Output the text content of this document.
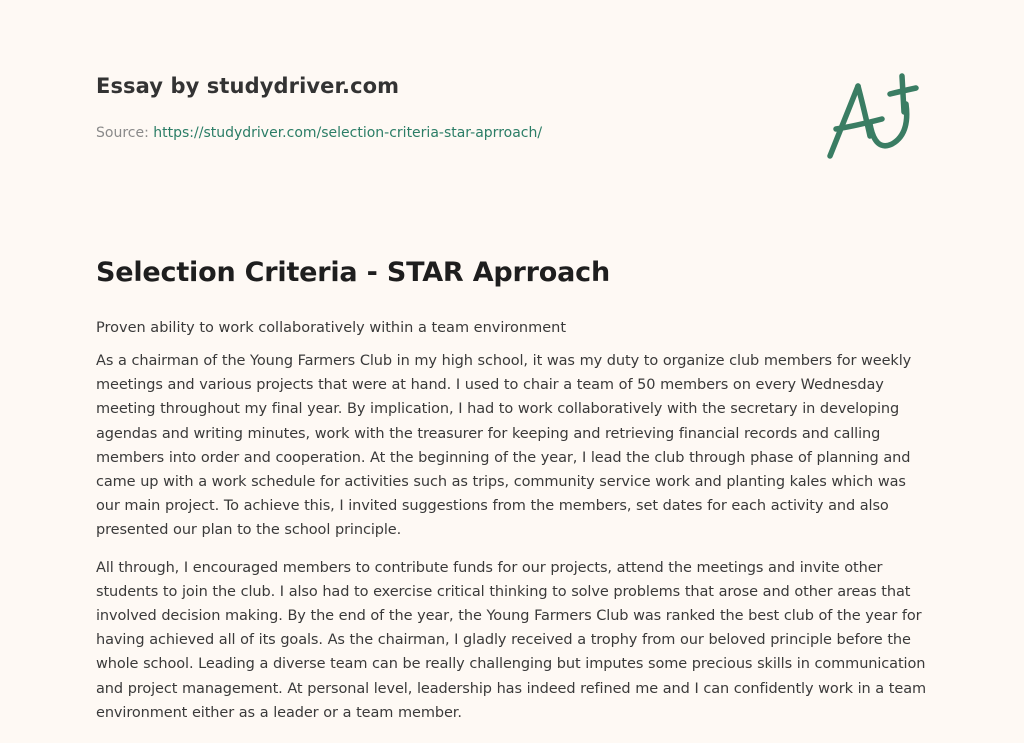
Essay by studydriver.com
Source: https://studydriver.com/selection-criteria-star-aprroach/
Selection Criteria - STAR Aprroach

Proven ability to work collaboratively within a team environment

As a chairman of the Young Farmers Club in my high school, it was my duty to organize club members for weekly meetings and various projects that were at hand. I used to chair a team of 50 members on every Wednesday meeting throughout my final year. By implication, I had to work collaboratively with the secretary in developing agendas and writing minutes, work with the treasurer for keeping and retrieving financial records and calling members into order and cooperation. At the beginning of the year, I lead the club through phase of planning and came up with a work schedule for activities such as trips, community service work and planting kales which was our main project. To achieve this, I invited suggestions from the members, set dates for each activity and also presented our plan to the school principle.

All through, I encouraged members to contribute funds for our projects, attend the meetings and invite other students to join the club. I also had to exercise critical thinking to solve problems that arose and other areas that involved decision making. By the end of the year, the Young Farmers Club was ranked the best club of the year for having achieved all of its goals. As the chairman, I gladly received a trophy from our beloved principle before the whole school. Leading a diverse team can be really challenging but imputes some precious skills in communication and project management. At personal level, leadership has indeed refined me and I can confidently work in a team environment either as a leader or a team member.
